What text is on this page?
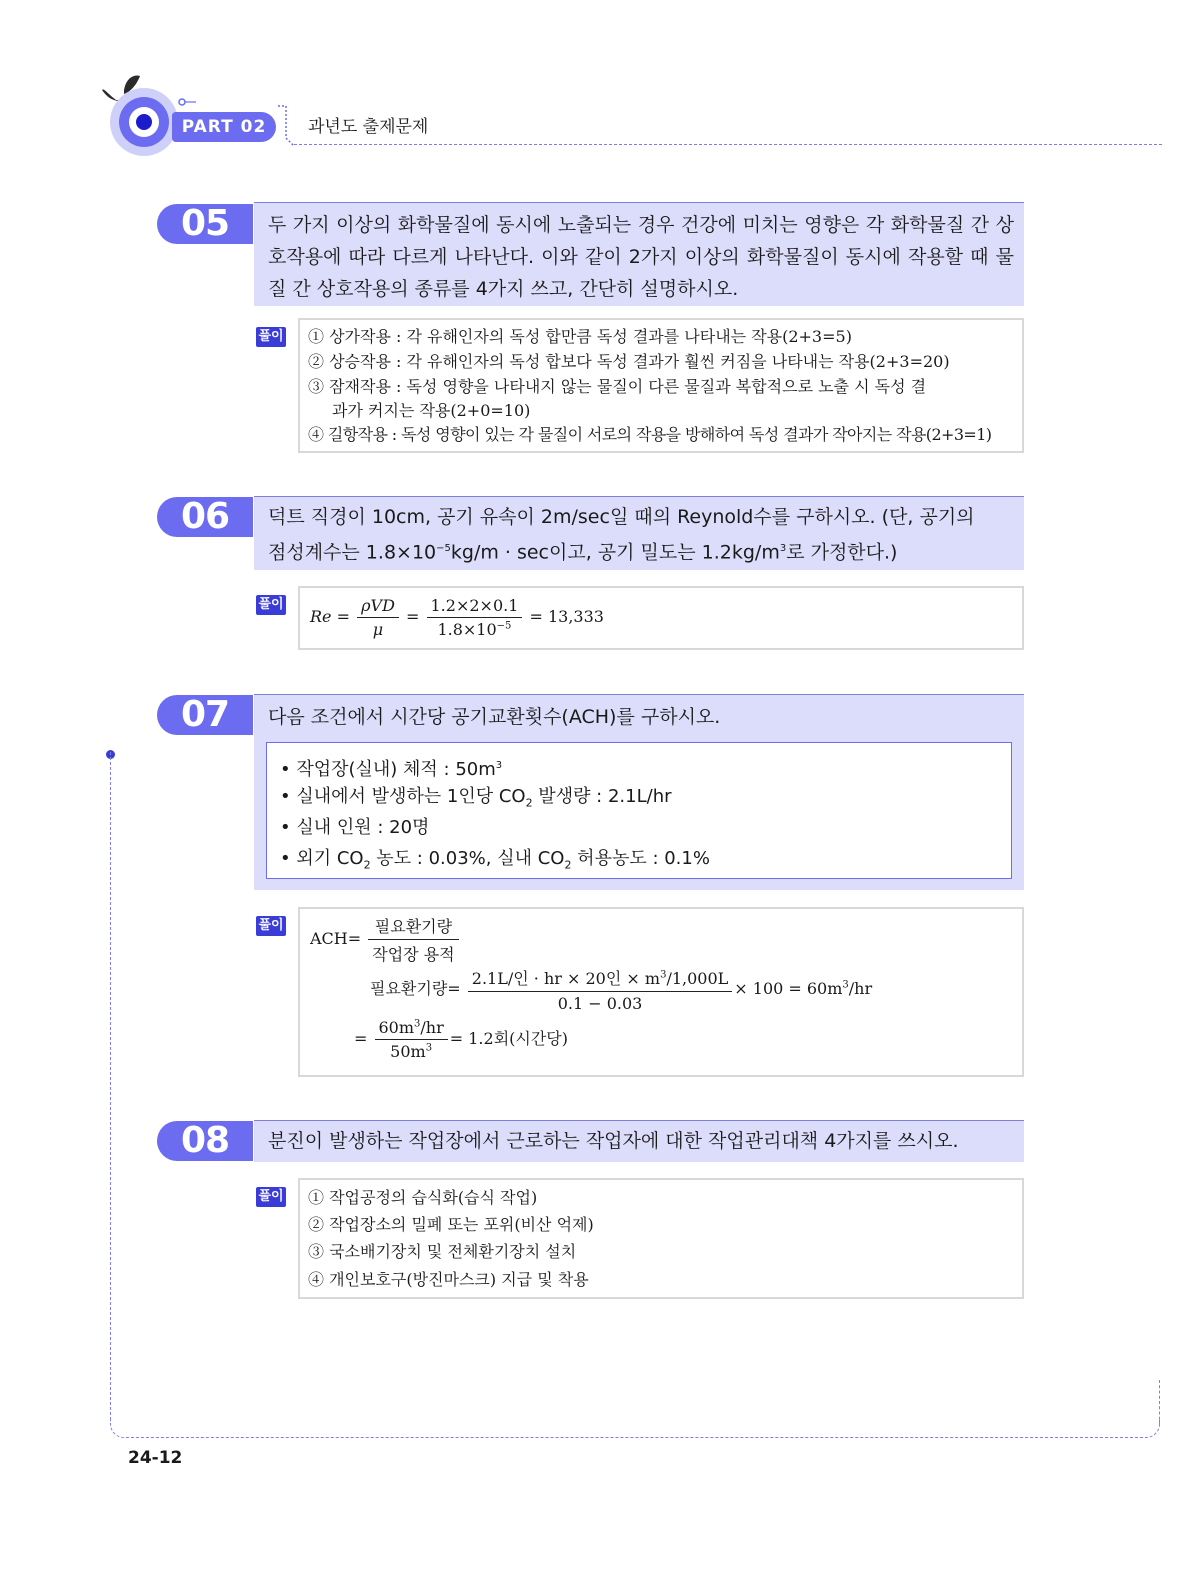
PART 02	과년도 출제문제
05	두 가지 이상의 화학물질에 동시에 노출되는 경우 건강에 미치는 영향은 각 화학물질 간 상호작용에 따라 다르게 나타난다. 이와 같이 2가지 이상의 화학물질이 동시에 작용할 때 물질 간 상호작용의 종류를 4가지 쓰고, 간단히 설명하시오.
풀이 ① 상가작용 : 각 유해인자의 독성 합만큼 독성 결과를 나타내는 작용(2+3=5)
② 상승작용 : 각 유해인자의 독성 합보다 독성 결과가 훨씬 커짐을 나타내는 작용(2+3=20)
③ 잠재작용 : 독성 영향을 나타내지 않는 물질이 다른 물질과 복합적으로 노출 시 독성 결
과가 커지는 작용(2+0=10)
④ 길항작용 : 독성 영향이 있는 각 물질이 서로의 작용을 방해하여 독성 결과가 작아지는 작용(2+3=1)
06	덕트 직경이 10cm, 공기 유속이 2m/sec일 때의 Reynold수를 구하시오. (단, 공기의
점성계수는 $1.8\times 10^{-5}kg/m \cdot \sec$이고, 공기 밀도는 $1.2kg/m^3$로 가정한다.)
풀이
$Re = \frac{\text{ρVD}}{\mu} = \frac{1.2\times 2\times 0.1}{1.8\times 10^{-5}} = 13,333$
07	다음 조건에서 시간당 공기교환횟수(ACH)를 구하시오.
• 작업장(실내) 체적 : $50m^3$
• 실내에서 발생하는 1인당 $CO_2$ 발생량 : 2.1L/hr
• 실내 인원 : 20명
• 외기 $CO_2$ 농도 : 0.03%, 실내 $CO_2$ 허용농도 : 0.1%
풀이
$ACH= \frac{\text{필요환기량}}{\text{작업장 용적}}$
필요환기량= $\frac{2.1L/인 \cdot hr \times 20인 \times m^3/1,000L}{0.1 - 0.03} \times 100 = 60m^3/hr$
= $\frac{60m^3/hr}{50m^3} = 1.2$회(시간당)
08	분진이 발생하는 작업장에서 근로하는 작업자에 대한 작업관리대책 4가지를 쓰시오.
풀이 ① 작업공정의 습식화(습식 작업)
② 작업장소의 밀폐 또는 포위(비산 억제)
③ 국소배기장치 및 전체환기장치 설치
④ 개인보호구(방진마스크) 지급 및 착용
24-12
